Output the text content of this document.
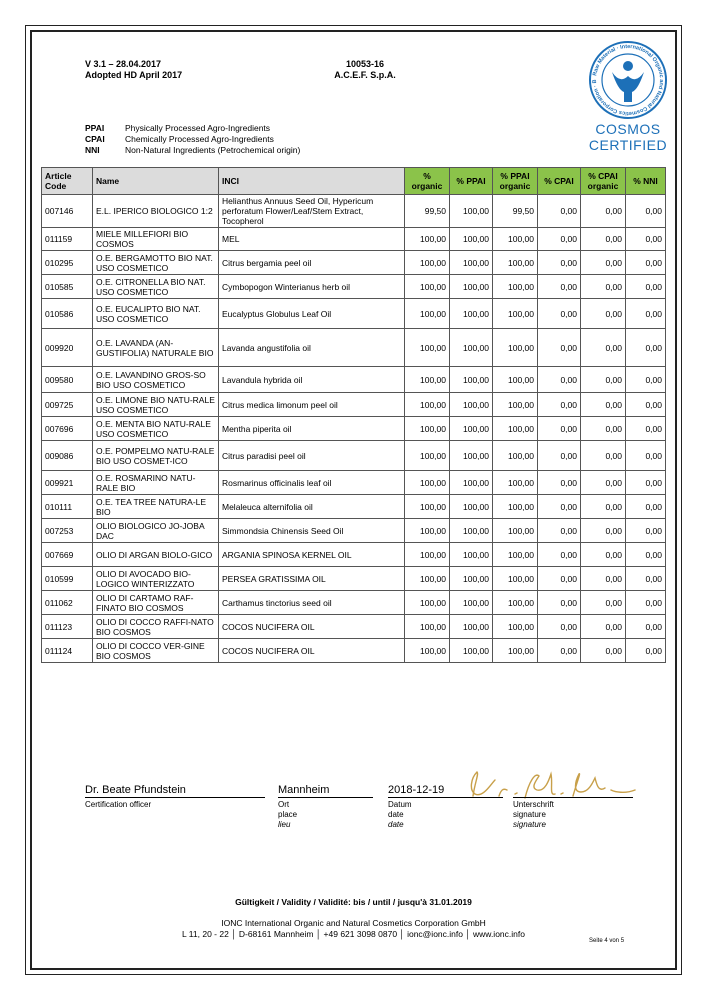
V 3.1 – 28.04.2017
Adopted HD April 2017
10053-16
A.C.E.F. S.p.A.	Raw Material · International Organic and Natural Cosmetics Corporation · B
COSMOS
CERTIFIED
PPAI	Physically Processed Agro-Ingredients
CPAI	Chemically Processed Agro-Ingredients
NNI	Non-Natural Ingredients (Petrochemical origin)
Article Code	Name	INCI	% organic	% PPAI	% PPAI organic	% CPAI	% CPAI organic	% NNI
007146	E.L. IPERICO BIOLOGICO 1:2	Helianthus Annuus Seed Oil, Hypericum perforatum Flower/Leaf/Stem Extract, Tocopherol	99,50	100,00	99,50	0,00	0,00	0,00
011159	MIELE MILLEFIORI BIO COSMOS	MEL	100,00	100,00	100,00	0,00	0,00	0,00
010295	O.E. BERGAMOTTO BIO NAT. USO COSMETICO	Citrus bergamia peel oil	100,00	100,00	100,00	0,00	0,00	0,00
010585	O.E. CITRONELLA BIO NAT. USO COSMETICO	Cymbopogon Winterianus herb oil	100,00	100,00	100,00	0,00	0,00	0,00
010586	O.E. EUCALIPTO BIO NAT. USO COSMETICO	Eucalyptus Globulus Leaf Oil	100,00	100,00	100,00	0,00	0,00	0,00
009920	O.E. LAVANDA (AN-GUSTIFOLIA) NATURALE BIO	Lavanda angustifolia oil	100,00	100,00	100,00	0,00	0,00	0,00
009580	O.E. LAVANDINO GROS-SO BIO USO COSMETICO	Lavandula hybrida oil	100,00	100,00	100,00	0,00	0,00	0,00
009725	O.E. LIMONE BIO NATU-RALE USO COSMETICO	Citrus medica limonum peel oil	100,00	100,00	100,00	0,00	0,00	0,00
007696	O.E. MENTA BIO NATU-RALE USO COSMETICO	Mentha piperita oil	100,00	100,00	100,00	0,00	0,00	0,00
009086	O.E. POMPELMO NATU-RALE BIO USO COSMET-ICO	Citrus paradisi peel oil	100,00	100,00	100,00	0,00	0,00	0,00
009921	O.E. ROSMARINO NATU-RALE BIO	Rosmarinus officinalis leaf oil	100,00	100,00	100,00	0,00	0,00	0,00
010111	O.E. TEA TREE NATURA-LE BIO	Melaleuca alternifolia oil	100,00	100,00	100,00	0,00	0,00	0,00
007253	OLIO BIOLOGICO JO-JOBA DAC	Simmondsia Chinensis Seed Oil	100,00	100,00	100,00	0,00	0,00	0,00
007669	OLIO DI ARGAN BIOLO-GICO	ARGANIA SPINOSA KERNEL OIL	100,00	100,00	100,00	0,00	0,00	0,00
010599	OLIO DI AVOCADO BIO-LOGICO WINTERIZZATO	PERSEA GRATISSIMA OIL	100,00	100,00	100,00	0,00	0,00	0,00
011062	OLIO DI CARTAMO RAF-FINATO BIO COSMOS	Carthamus tinctorius seed oil	100,00	100,00	100,00	0,00	0,00	0,00
011123	OLIO DI COCCO RAFFI-NATO BIO COSMOS	COCOS NUCIFERA OIL	100,00	100,00	100,00	0,00	0,00	0,00
011124	OLIO DI COCCO VER-GINE BIO COSMOS	COCOS NUCIFERA OIL	100,00	100,00	100,00	0,00	0,00	0,00
Dr. Beate Pfundstein
Certification officer
Mannheim
Ort
place
lieu
2018-12-19
Datum
date
date
Unterschrift
signature
signature
Gültigkeit / Validity / Validité: bis / until / jusqu'à 31.01.2019
IONC International Organic and Natural Cosmetics Corporation GmbH
L 11, 20 - 22 │ D-68161 Mannheim │ +49 621 3098 0870 │ ionc@ionc.info │ www.ionc.info
Seite 4 von 5
